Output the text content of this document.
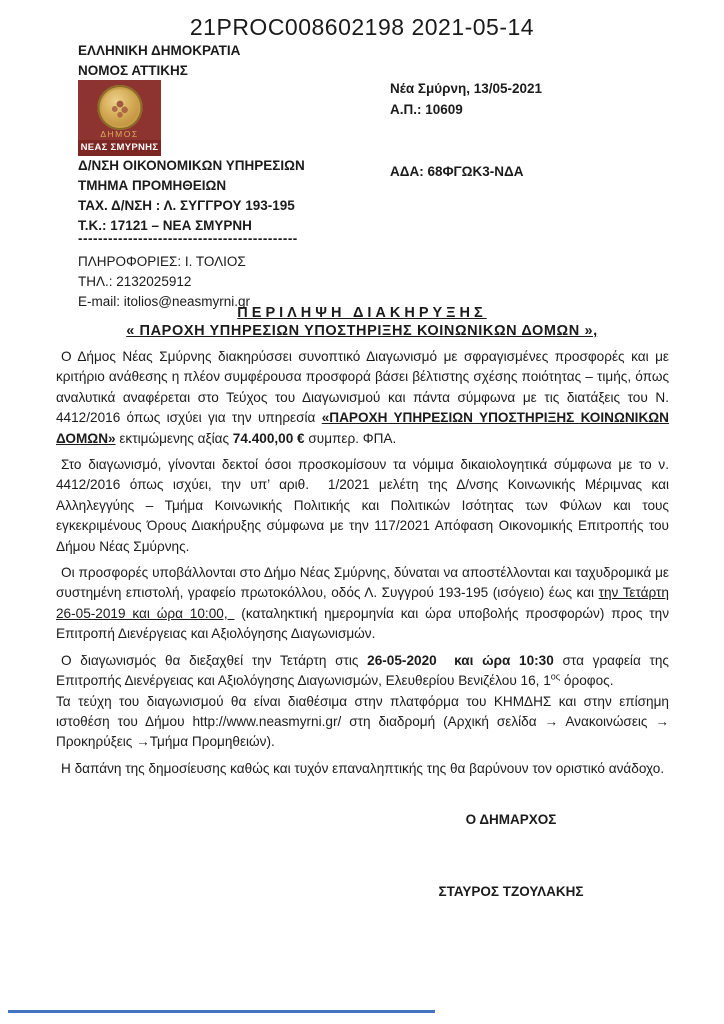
21PROC008602198 2021-05-14
ΕΛΛΗΝΙΚΗ ΔΗΜΟΚΡΑΤΙΑ
ΝΟΜΟΣ ΑΤΤΙΚΗΣ
ΔΗΜΟΣ
ΝΕΑΣ ΣΜΥΡΝΗΣ
Νέα Σμύρνη, 13/05-2021
Α.Π.: 10609
ΑΔΑ: 68ΦΓΩΚ3-ΝΔΑ
Δ/ΝΣΗ ΟΙΚΟΝΟΜΙΚΩΝ ΥΠΗΡΕΣΙΩΝ
ΤΜΗΜΑ ΠΡΟΜΗΘΕΙΩΝ
ΤΑΧ. Δ/ΝΣΗ : Λ. ΣΥΓΓΡΟΥ 193-195
Τ.Κ.: 17121 – ΝΕΑ ΣΜΥΡΝΗ
--------------------------------------------
ΠΛΗΡΟΦΟΡΙΕΣ: Ι. ΤΟΛΙΟΣ
ΤΗΛ.: 2132025912
E-mail: itolios@neasmyrni.gr
ΠΕΡΙΛΗΨΗ ΔΙΑΚΗΡΥΞΗΣ
« ΠΑΡΟΧΗ ΥΠΗΡΕΣΙΩΝ ΥΠΟΣΤΗΡΙΞΗΣ ΚΟΙΝΩΝΙΚΩΝ ΔΟΜΩΝ »,
Ο Δήμος Νέας Σμύρνης διακηρύσσει συνοπτικό Διαγωνισμό με σφραγισμένες προσφορές και με κριτήριο ανάθεσης η πλέον συμφέρουσα προσφορά βάσει βέλτιστης σχέσης ποιότητας – τιμής, όπως αναλυτικά αναφέρεται στο Τεύχος του Διαγωνισμού και πάντα σύμφωνα με τις διατάξεις του Ν. 4412/2016 όπως ισχύει για την υπηρεσία «ΠΑΡΟΧΗ ΥΠΗΡΕΣΙΩΝ ΥΠΟΣΤΗΡΙΞΗΣ ΚΟΙΝΩΝΙΚΩΝ ΔΟΜΩΝ» εκτιμώμενης αξίας 74.400,00 € συμπερ. ΦΠΑ.
Στο διαγωνισμό, γίνονται δεκτοί όσοι προσκομίσουν τα νόμιμα δικαιολογητικά σύμφωνα με το ν. 4412/2016 όπως ισχύει, την υπ’ αριθ.  1/2021 μελέτη της Δ/νσης Κοινωνικής Μέριμνας και Αλληλεγγύης – Τμήμα Κοινωνικής Πολιτικής και Πολιτικών Ισότητας των Φύλων και τους εγκεκριμένους Όρους Διακήρυξης σύμφωνα με την 117/2021 Απόφαση Οικονομικής Επιτροπής του Δήμου Νέας Σμύρνης.
Οι προσφορές υποβάλλονται στο Δήμο Νέας Σμύρνης, δύναται να αποστέλλονται και ταχυδρομικά με συστημένη επιστολή, γραφείο πρωτοκόλλου, οδός Λ. Συγγρού 193-195 (ισόγειο) έως και την Τετάρτη 26-05-2019 και ώρα 10:00,  (καταληκτική ημερομηνία και ώρα υποβολής προσφορών) προς την Επιτροπή Διενέργειας και Αξιολόγησης Διαγωνισμών.
Ο διαγωνισμός θα διεξαχθεί την Τετάρτη στις 26-05-2020  και ώρα 10:30 στα γραφεία της Επιτροπής Διενέργειας και Αξιολόγησης Διαγωνισμών, Ελευθερίου Βενιζέλου 16, $1^{o\varsigma}$ όροφος.
Τα τεύχη του διαγωνισμού θα είναι διαθέσιμα στην πλατφόρμα του ΚΗΜΔΗΣ και στην επίσημη ιστοθέση του Δήμου http://www.neasmyrni.gr/ στη διαδρομή (Αρχική σελίδα → Ανακοινώσεις → Προκηρύξεις →Τμήμα Προμηθειών).
Η δαπάνη της δημοσίευσης καθώς και τυχόν επαναληπτικής της θα βαρύνουν τον οριστικό ανάδοχο.
Ο ΔΗΜΑΡΧΟΣ
ΣΤΑΥΡΟΣ ΤΖΟΥΛΑΚΗΣ
